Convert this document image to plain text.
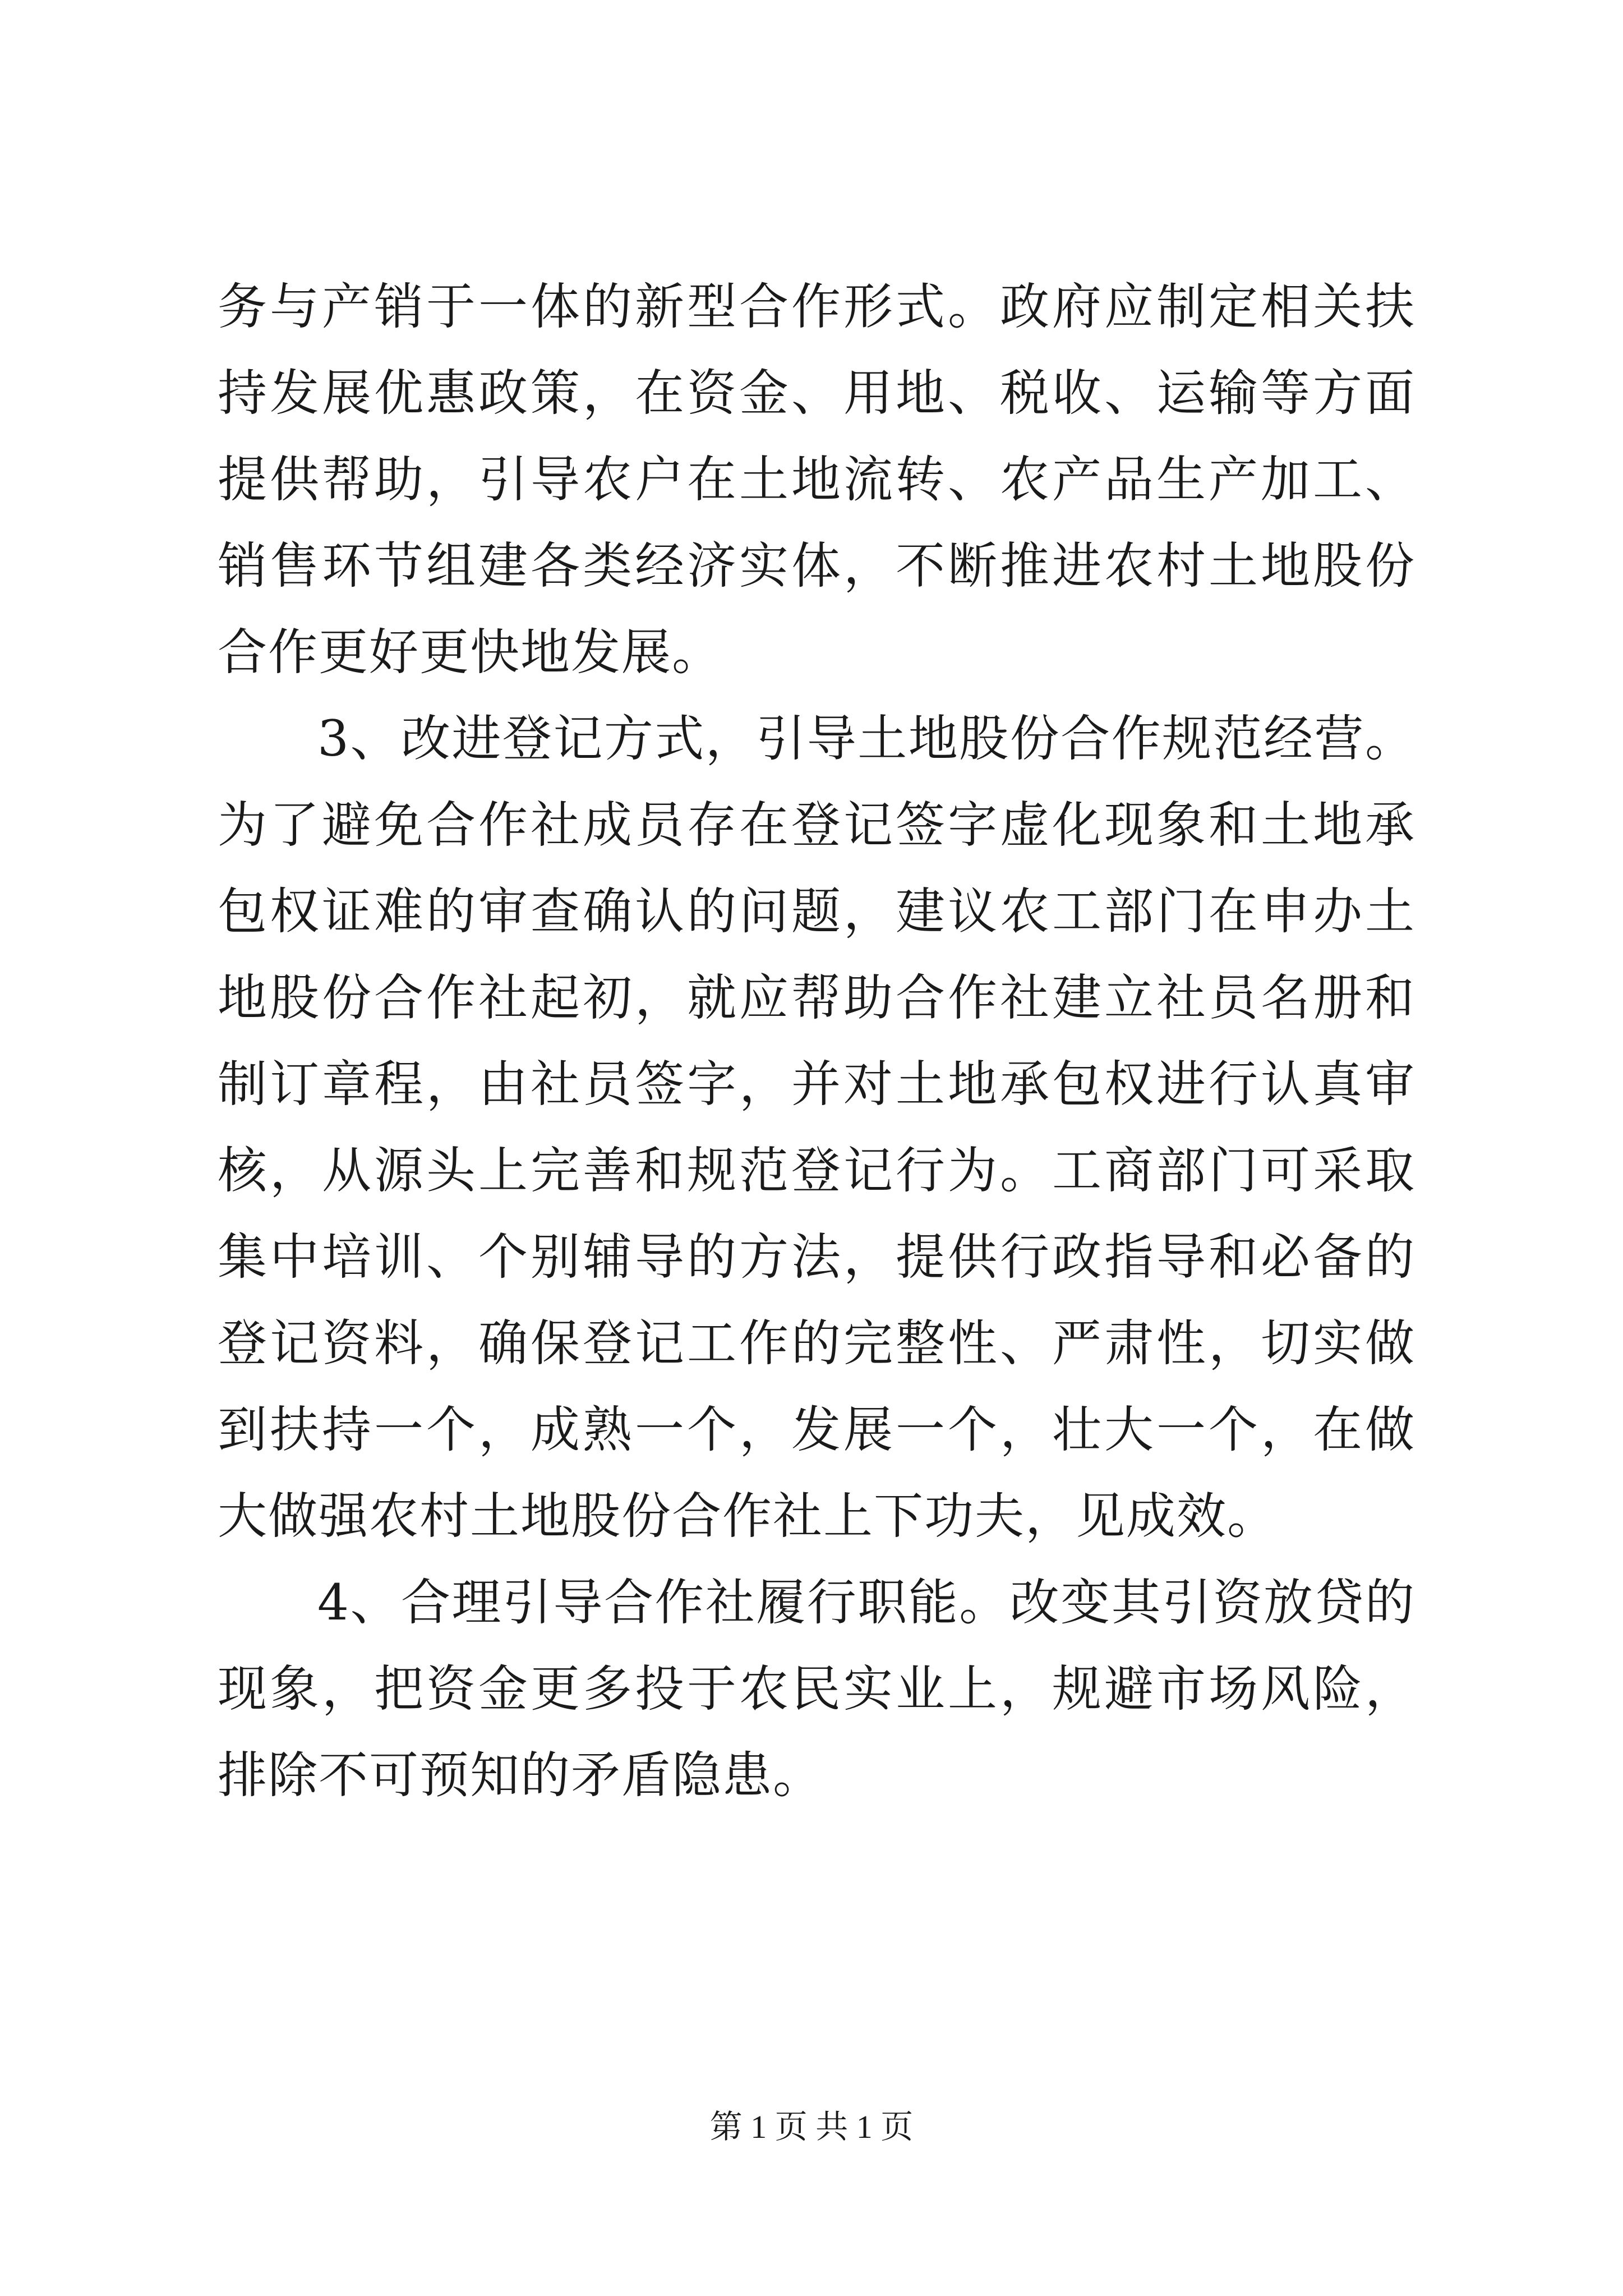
务与产销于一体的新型合作形式。政府应制定相关扶持发展优惠政策，在资金、用地、税收、运输等方面提供帮助，引导农户在土地流转、农产品生产加工、销售环节组建各类经济实体，不断推进农村土地股份合作更好更快地发展。

3、改进登记方式，引导土地股份合作规范经营。为了避免合作社成员存在登记签字虚化现象和土地承包权证难的审查确认的问题，建议农工部门在申办土地股份合作社起初，就应帮助合作社建立社员名册和制订章程，由社员签字，并对土地承包权进行认真审核，从源头上完善和规范登记行为。工商部门可采取集中培训、个别辅导的方法，提供行政指导和必备的登记资料，确保登记工作的完整性、严肃性，切实做到扶持一个，成熟一个，发展一个，壮大一个，在做大做强农村土地股份合作社上下功夫，见成效。

4、合理引导合作社履行职能。改变其引资放贷的现象，把资金更多投于农民实业上，规避市场风险，排除不可预知的矛盾隐患。

第 1 页 共 1 页
